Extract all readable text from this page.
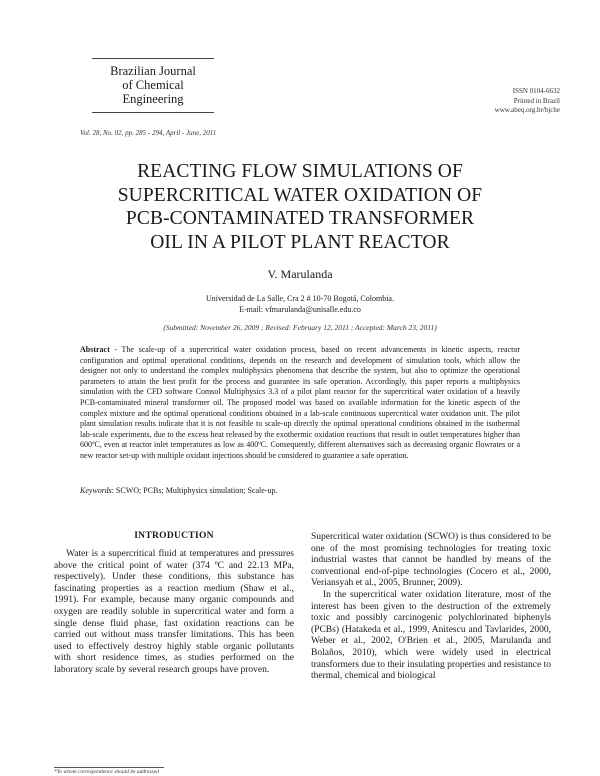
Brazilian Journal
of Chemical
Engineering
ISSN 0104-6632
Printed in Brazil
www.abeq.org.br/bjche
Vol. 28, No. 02, pp. 285 - 294, April - June, 2011
REACTING FLOW SIMULATIONS OF
SUPERCRITICAL WATER OXIDATION OF
PCB-CONTAMINATED TRANSFORMER
OIL IN A PILOT PLANT REACTOR
V. Marulanda
Universidad de La Salle, Cra 2 # 10-70 Bogotá, Colombia.
E-mail: vfmarulanda@unisalle.edu.co
(Submitted: November 26, 2009 ; Revised: February 12, 2011 ; Accepted: March 23, 2011)
Abstract - The scale-up of a supercritical water oxidation process, based on recent advancements in kinetic aspects, reactor configuration and optimal operational conditions, depends on the research and development of simulation tools, which allow the designer not only to understand the complex multiphysics phenomena that describe the system, but also to optimize the operational parameters to attain the best profit for the process and guarantee its safe operation. Accordingly, this paper reports a multiphysics simulation with the CFD software Comsol Multiphysics 3.3 of a pilot plant reactor for the supercritical water oxidation of a heavily PCB-contaminated mineral transformer oil. The proposed model was based on available information for the kinetic aspects of the complex mixture and the optimal operational conditions obtained in a lab-scale continuous supercritical water oxidation unit. The pilot plant simulation results indicate that it is not feasible to scale-up directly the optimal operational conditions obtained in the isothermal lab-scale experiments, due to the excess heat released by the exothermic oxidation reactions that result in outlet temperatures higher than 600ºC, even at reactor inlet temperatures as low as 400ºC. Consequently, different alternatives such as decreasing organic flowrates or a new reactor set-up with multiple oxidant injections should be considered to guarantee a safe operation.
Keywords: SCWO; PCBs; Multiphysics simulation; Scale-up.
INTRODUCTION

Water is a supercritical fluid at temperatures and pressures above the critical point of water (374 ºC and 22.13 MPa, respectively). Under these conditions, this substance has fascinating properties as a reaction medium (Shaw et al., 1991). For example, because many organic compounds and oxygen are readily soluble in supercritical water and form a single dense fluid phase, fast oxidation reactions can be carried out without mass transfer limitations. This has been used to effectively destroy highly stable organic pollutants with short residence times, as studies performed on the laboratory scale by several research groups have proven.

Supercritical water oxidation (SCWO) is thus considered to be one of the most promising technologies for treating toxic industrial wastes that cannot be handled by means of the conventional end-of-pipe technologies (Cocero et al., 2000, Veriansyah et al., 2005, Brunner, 2009).

In the supercritical water oxidation literature, most of the interest has been given to the destruction of the extremely toxic and possibly carcinogenic polychlorinated biphenyls (PCBs) (Hatakeda et al., 1999, Anitescu and Tavlarides, 2000, Weber et al., 2002, O'Brien et al., 2005, Marulanda and Bolaños, 2010), which were widely used in electrical transformers due to their insulating properties and resistance to thermal, chemical and biological

*To whom correspondence should be addressed
